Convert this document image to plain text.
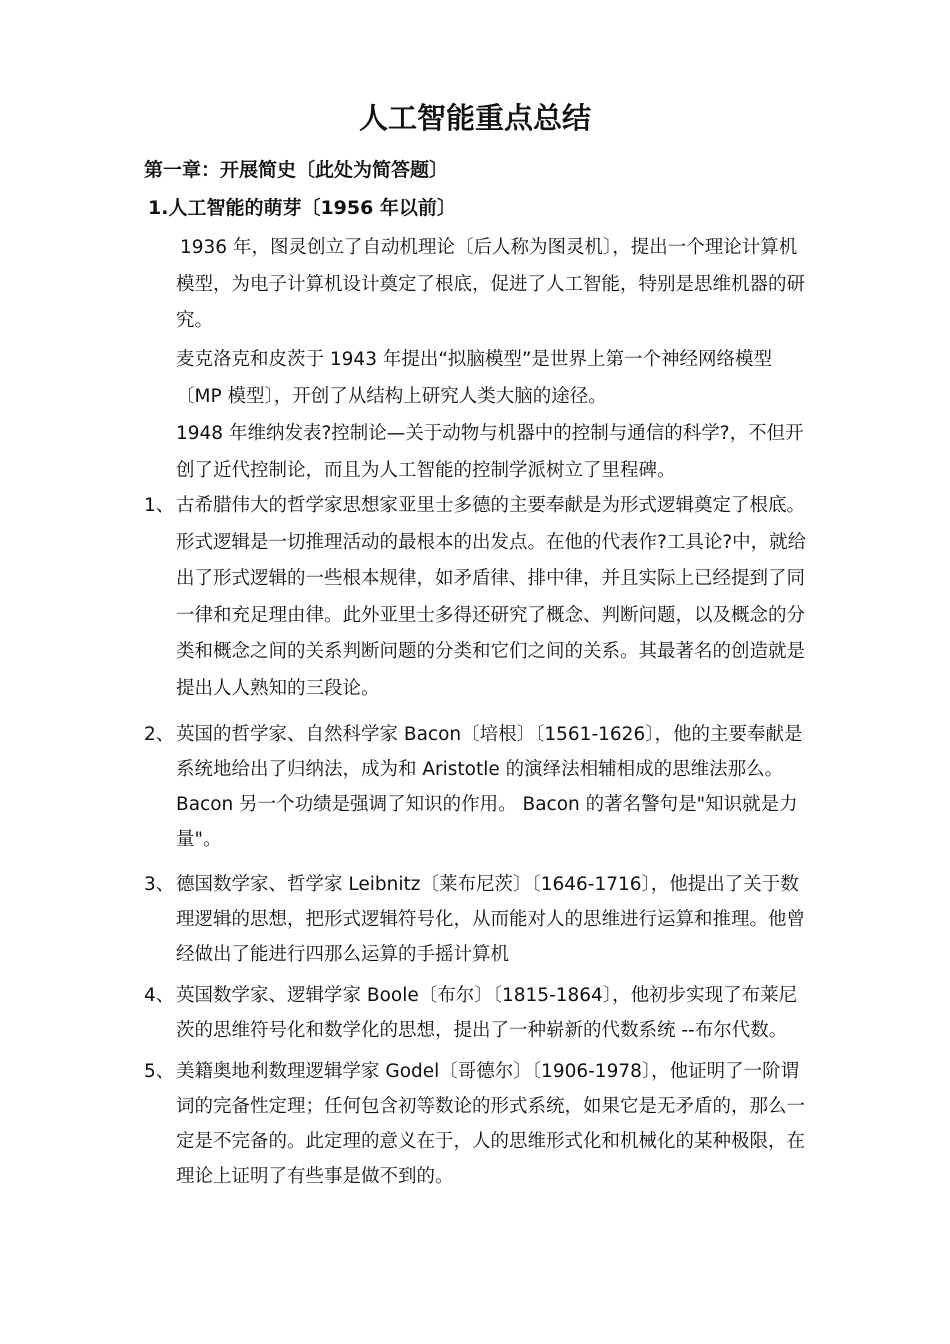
人工智能重点总结
第一章：开展简史〔此处为简答题〕
1.人工智能的萌芽〔1956 年以前〕

1936 年，图灵创立了自动机理论〔后人称为图灵机〕，提出一个理论计算机模型，为电子计算机设计奠定了根底，促进了人工智能，特别是思维机器的研究。

麦克洛克和皮茨于 1943 年提出“拟脑模型”是世界上第一个神经网络模型〔MP 模型〕，开创了从结构上研究人类大脑的途径。

1948 年维纳发表?控制论—关于动物与机器中的控制与通信的科学?，不但开创了近代控制论，而且为人工智能的控制学派树立了里程碑。

1、 古希腊伟大的哲学家思想家亚里士多德的主要奉献是为形式逻辑奠定了根底。形式逻辑是一切推理活动的最根本的出发点。在他的代表作?工具论?中，就给出了形式逻辑的一些根本规律，如矛盾律、排中律，并且实际上已经提到了同一律和充足理由律。此外亚里士多得还研究了概念、判断问题，以及概念的分类和概念之间的关系判断问题的分类和它们之间的关系。其最著名的创造就是提出人人熟知的三段论。

2、 英国的哲学家、自然科学家 Bacon〔培根〕〔1561-1626〕，他的主要奉献是系统地给出了归纳法，成为和 Aristotle 的演绎法相辅相成的思维法那么。Bacon 另一个功绩是强调了知识的作用。 Bacon 的著名警句是"知识就是力量"。

3、 德国数学家、哲学家 Leibnitz〔莱布尼茨〕〔1646-1716〕，他提出了关于数理逻辑的思想，把形式逻辑符号化，从而能对人的思维进行运算和推理。他曾经做出了能进行四那么运算的手摇计算机

4、 英国数学家、逻辑学家 Boole〔布尔〕〔1815-1864〕，他初步实现了布莱尼茨的思维符号化和数学化的思想，提出了一种崭新的代数系统 --布尔代数。

5、 美籍奥地利数理逻辑学家 Godel〔哥德尔〕〔1906-1978〕，他证明了一阶谓词的完备性定理；任何包含初等数论的形式系统，如果它是无矛盾的，那么一定是不完备的。此定理的意义在于，人的思维形式化和机械化的某种极限，在理论上证明了有些事是做不到的。
